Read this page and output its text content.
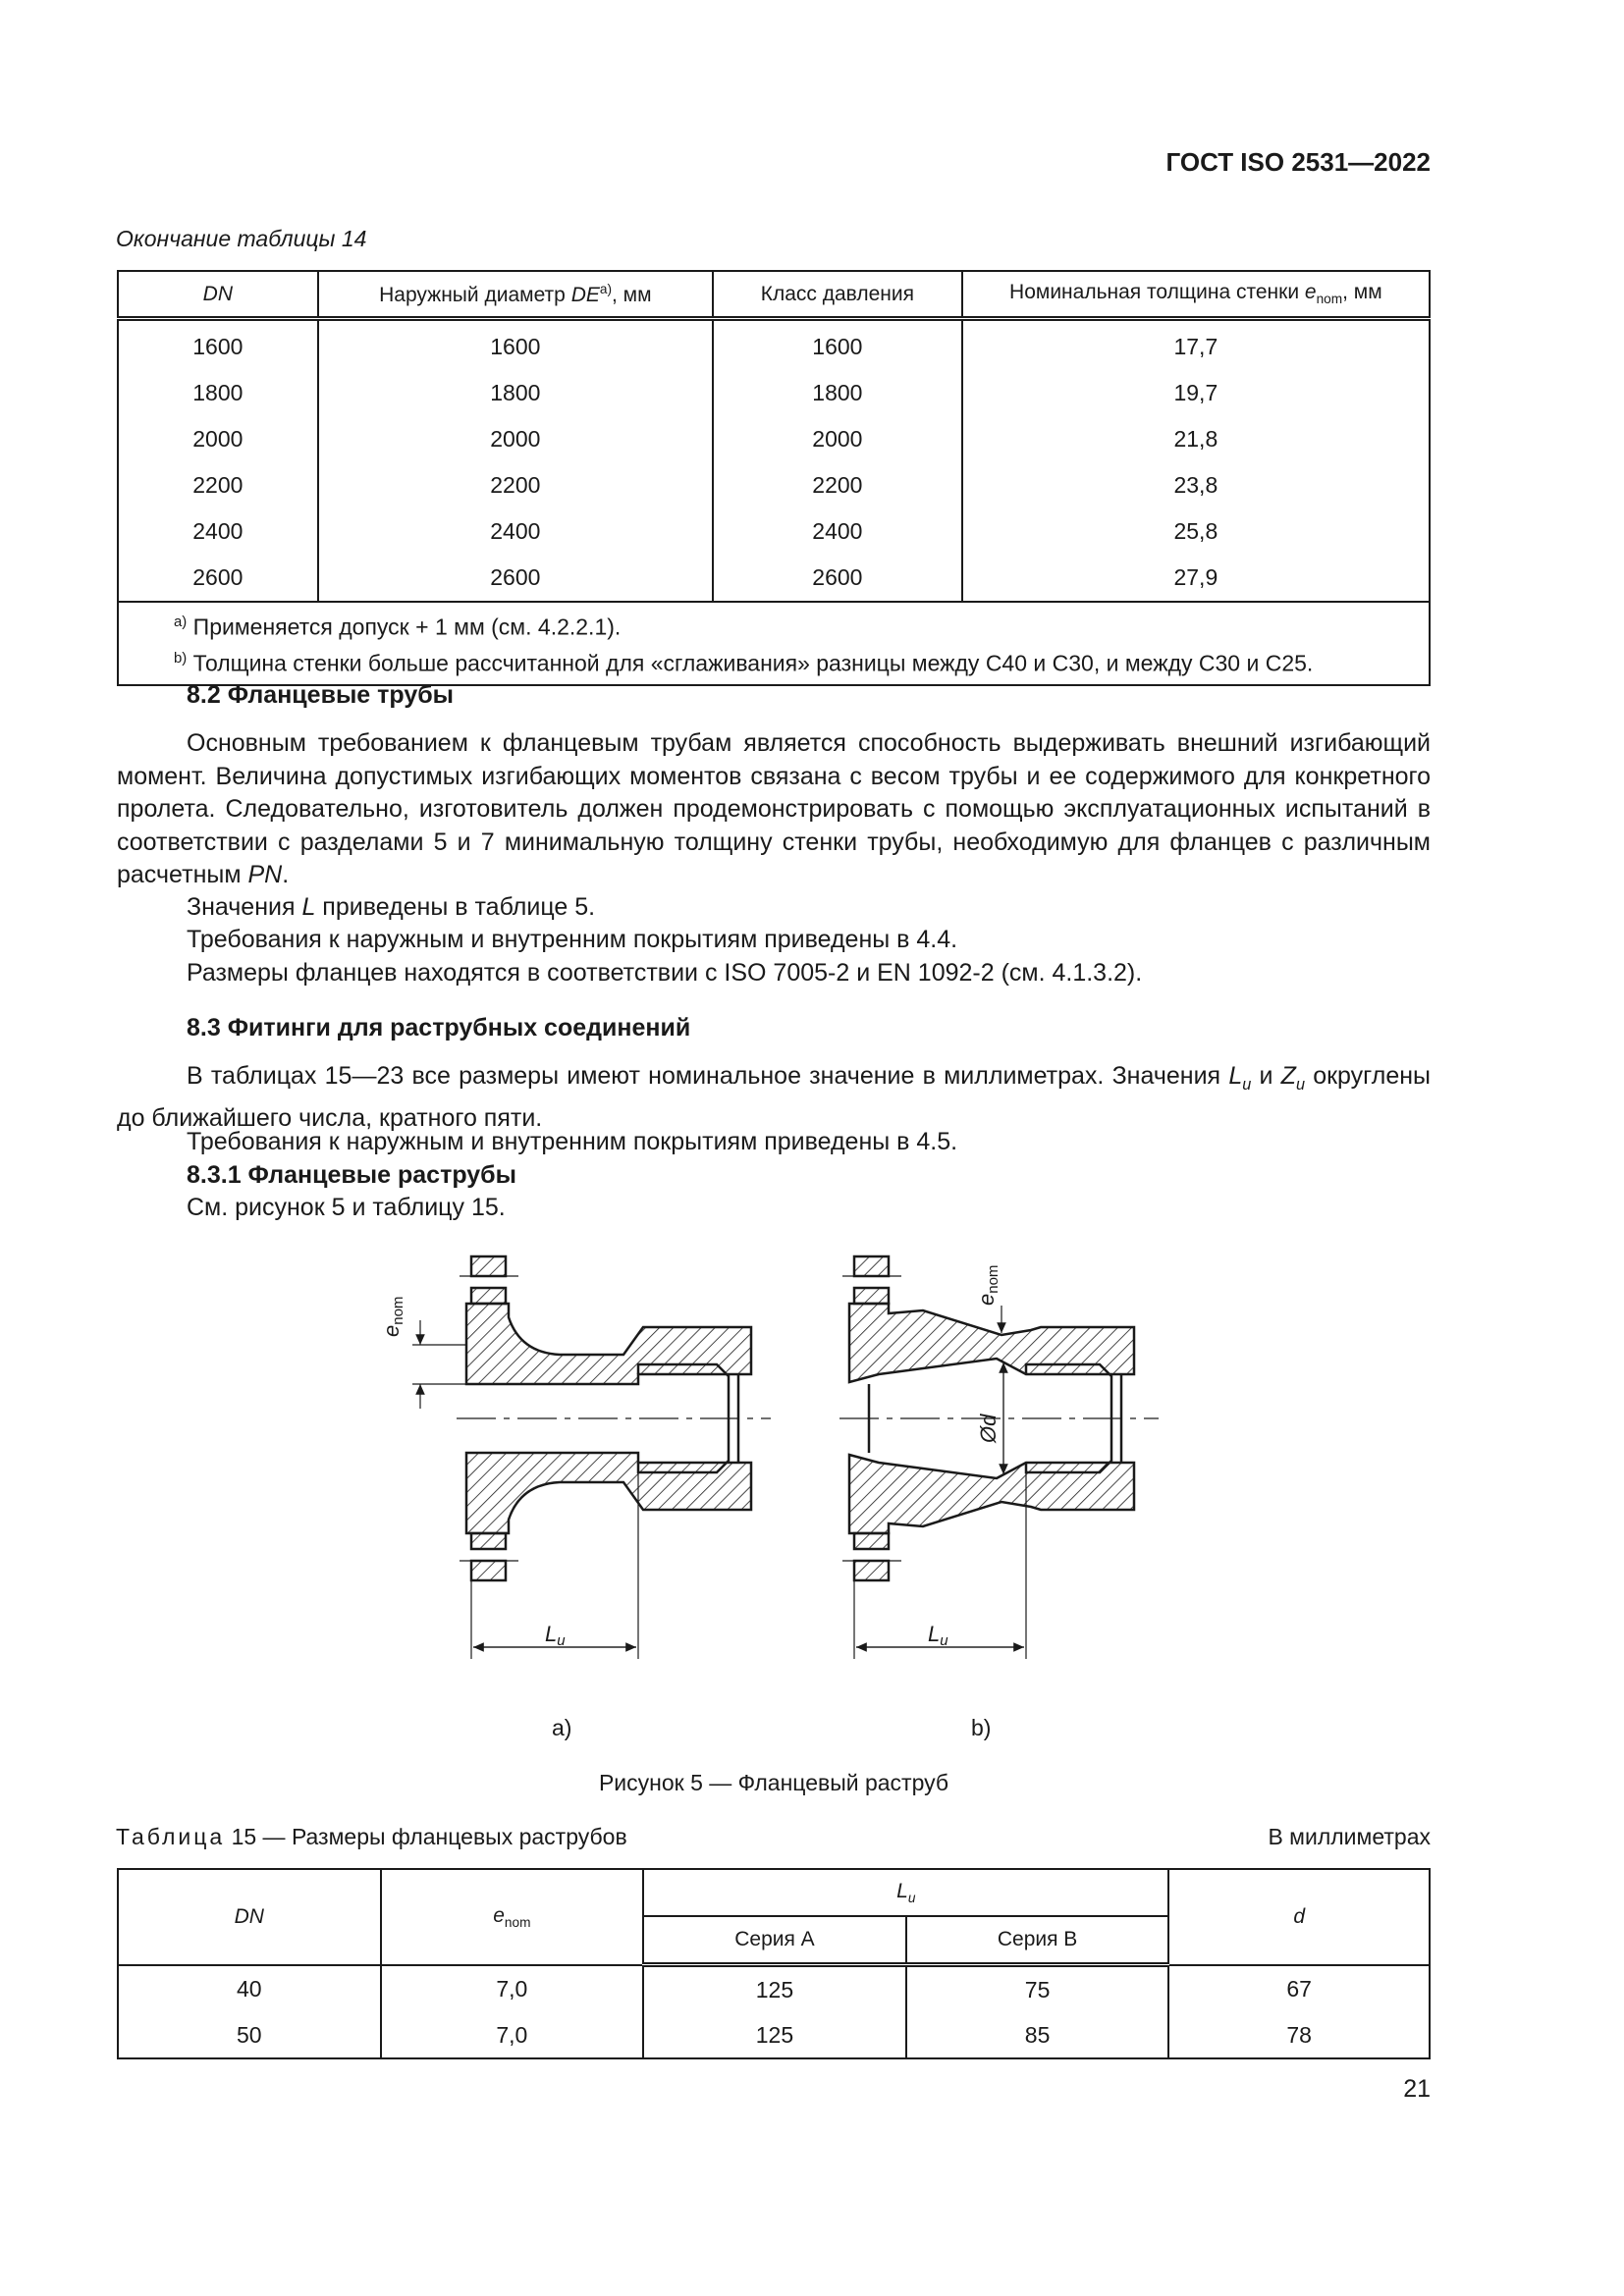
ГОСТ ISO 2531—2022
Окончание таблицы 14
DN	Наружный диаметр DE$^{a)}$, мм	Класс давления	Номинальная толщина стенки $e_{nom}$, мм
1600	1600	1600	17,7
1800	1800	1800	19,7
2000	2000	2000	21,8
2200	2200	2200	23,8
2400	2400	2400	25,8
2600	2600	2600	27,9

$^{a)}$ Применяется допуск + 1 мм (см. 4.2.2.1).
$^{b)}$ Толщина стенки больше рассчитанной для «сглаживания» разницы между С40 и С30, и между С30 и С25.			
8.2 Фланцевые трубы
Основным требованием к фланцевым трубам является способность выдерживать внешний изгибающий момент. Величина допустимых изгибающих моментов связана с весом трубы и ее содержимого для конкретного пролета. Следовательно, изготовитель должен продемонстрировать с помощью эксплуатационных испытаний в соответствии с разделами 5 и 7 минимальную толщину стенки трубы, необходимую для фланцев с различным расчетным PN.
Значения L приведены в таблице 5.
Требования к наружным и внутренним покрытиям приведены в 4.4.
Размеры фланцев находятся в соответствии с ISO 7005-2 и EN 1092-2 (см. 4.1.3.2).
8.3 Фитинги для раструбных соединений
В таблицах 15—23 все размеры имеют номинальное значение в миллиметрах. Значения $L_u$ и $Z_u$ округлены до ближайшего числа, кратного пяти.
Требования к наружным и внутренним покрытиям приведены в 4.5.
8.3.1 Фланцевые раструбы
См. рисунок 5 и таблицу 15.
enom
Lu
a)
enom
Ød
Lu
b)
Рисунок 5 — Фланцевый раструб
Таблица 15 — Размеры фланцевых раструбов	В миллиметрах
DN	$e_{nom}$	$L_u$		d
		Серия А	Серия В	
40	7,0	125	75	67
50	7,0	125	85	78
21
